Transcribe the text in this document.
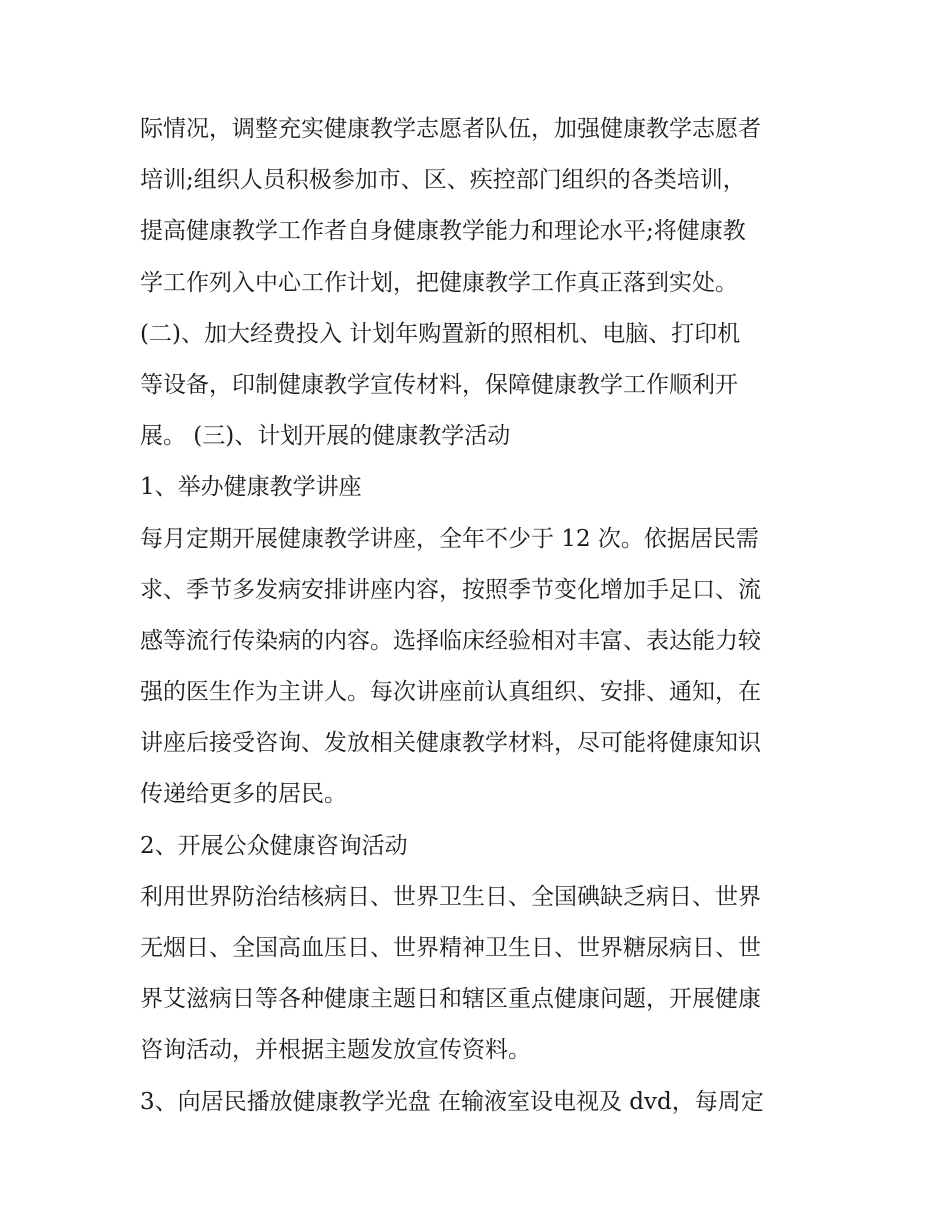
际情况，调整充实健康教学志愿者队伍，加强健康教学志愿者
培训;组织人员积极参加市、区、疾控部门组织的各类培训，
提高健康教学工作者自身健康教学能力和理论水平;将健康教
学工作列入中心工作计划，把健康教学工作真正落到实处。
(二)、加大经费投入 计划年购置新的照相机、电脑、打印机
等设备，印制健康教学宣传材料，保障健康教学工作顺利开
展。 (三)、计划开展的健康教学活动
1、举办健康教学讲座
每月定期开展健康教学讲座，全年不少于 12 次。依据居民需
求、季节多发病安排讲座内容，按照季节变化增加手足口、流
感等流行传染病的内容。选择临床经验相对丰富、表达能力较
强的医生作为主讲人。每次讲座前认真组织、安排、通知，在
讲座后接受咨询、发放相关健康教学材料，尽可能将健康知识
传递给更多的居民。
2、开展公众健康咨询活动
利用世界防治结核病日、世界卫生日、全国碘缺乏病日、世界
无烟日、全国高血压日、世界精神卫生日、世界糖尿病日、世
界艾滋病日等各种健康主题日和辖区重点健康问题，开展健康
咨询活动，并根据主题发放宣传资料。
3、向居民播放健康教学光盘 在输液室设电视及 dvd，每周定
